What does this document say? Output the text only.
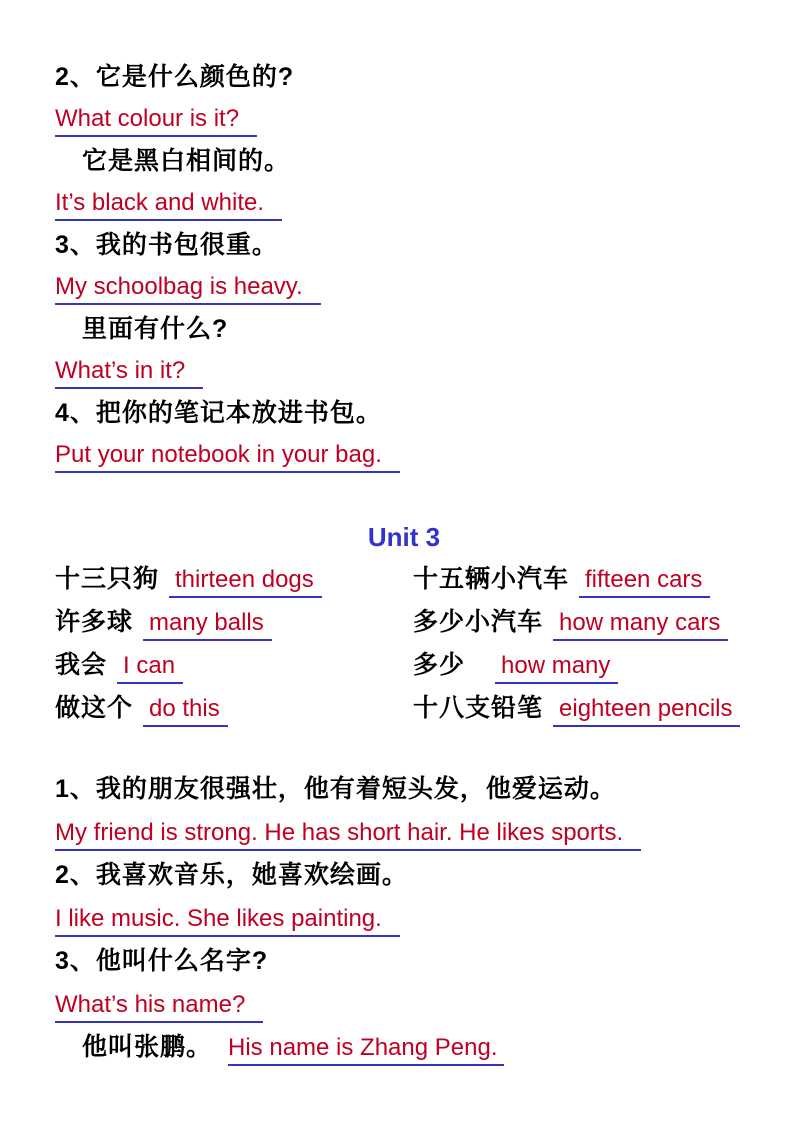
2、它是什么颜色的?
What colour is it?
它是黑白相间的。
It’s black and white.
3、我的书包很重。
My schoolbag is heavy.
里面有什么?
What’s in it?
4、把你的笔记本放进书包。
Put your notebook in your bag.
Unit 3
十三只狗 thirteen dogs	十五辆小汽车 fifteen cars
许多球 many balls	多少小汽车 how many cars
我会 I can	多少 how many
做这个 do this	十八支铅笔 eighteen pencils
1、我的朋友很强壮，他有着短头发，他爱运动。
My friend is strong. He has short hair. He likes sports.
2、我喜欢音乐，她喜欢绘画。
I like music. She likes painting.
3、他叫什么名字?
What’s his name?
他叫张鹏。 His name is Zhang Peng.
